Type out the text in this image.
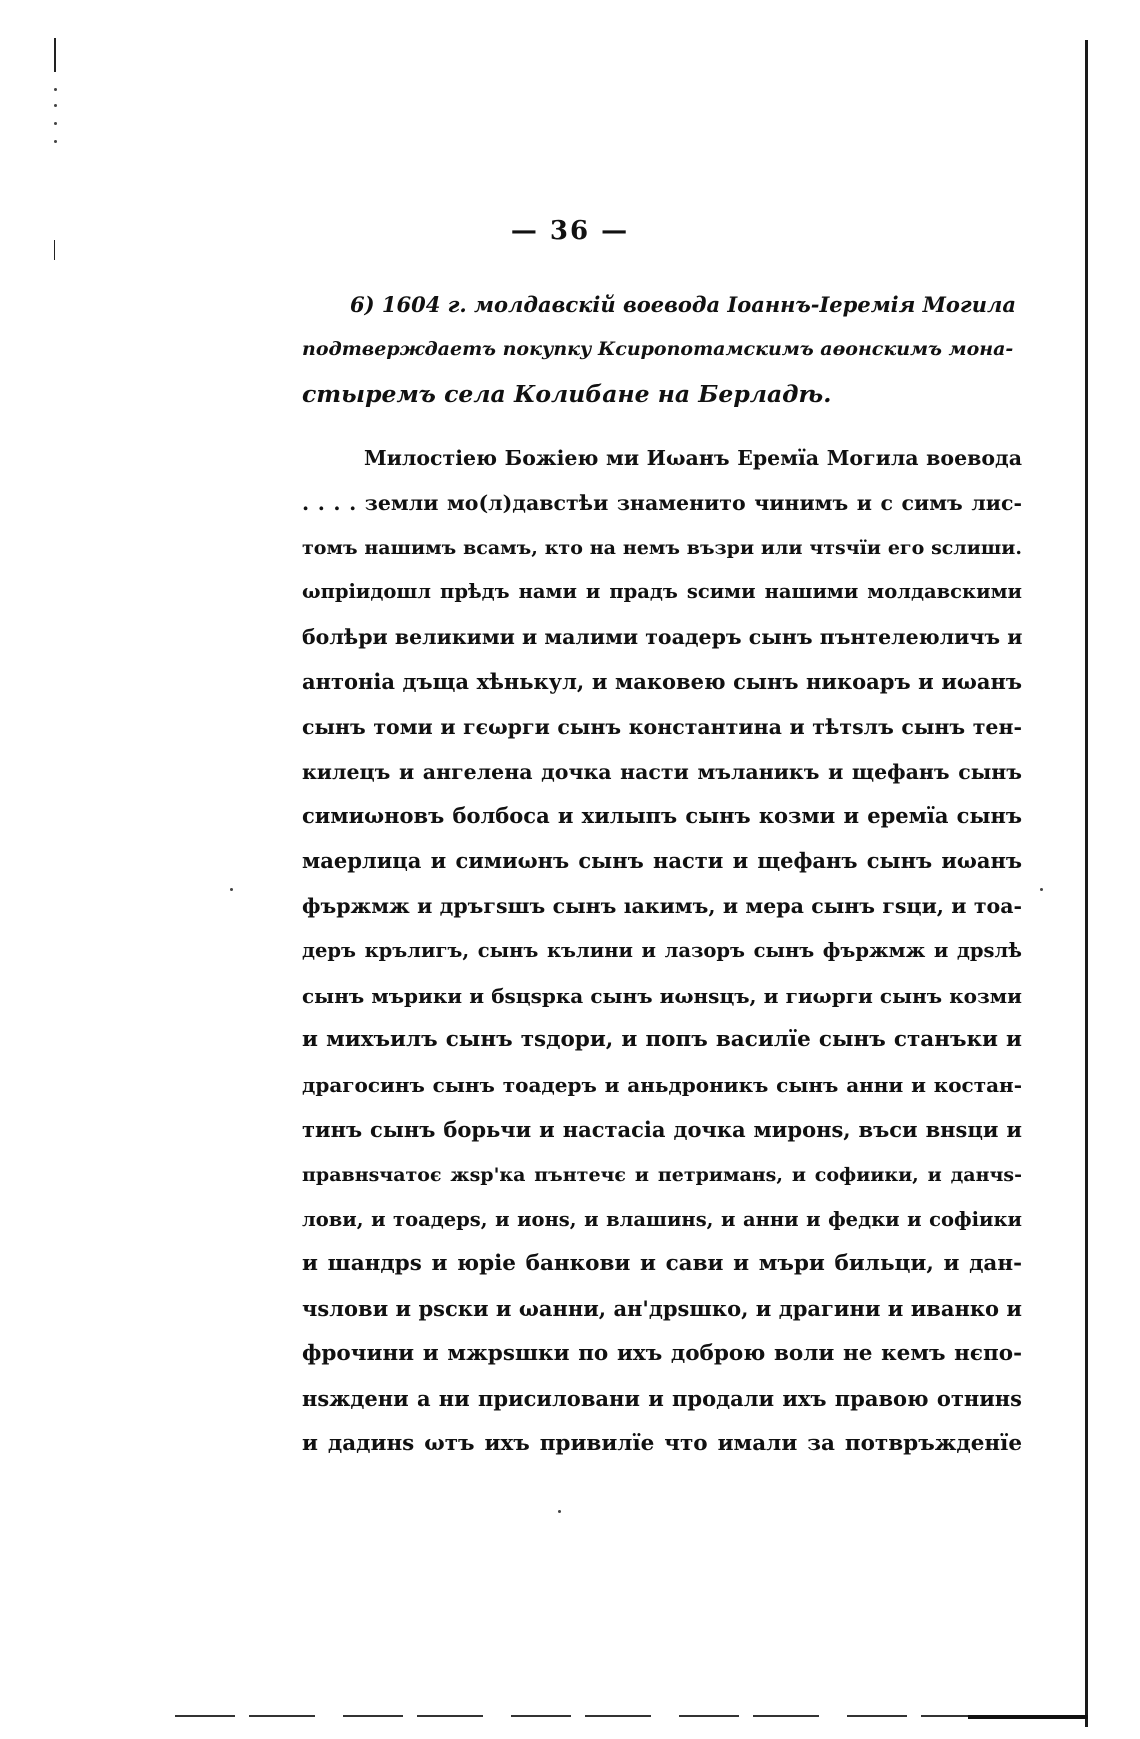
— 36 —
6) 1604 г. молдавскій воевода Іоаннъ-Іеремія Могила
подтверждаетъ покупку Ксиропотамскимъ аөонскимъ мона-
стыремъ села Колибане на Берладѣ.
Милостіею Божіею ми Иωанъ Еремїа Могила воевода
. . . . земли мо(л)давстѣи знаменито чинимъ и с симъ лис-
томъ нашимъ всамъ, кто на немъ възри или чтѕчїи его ѕслиши.
ωпріидошл прѣдъ нами и прадъ ѕсими нашими молдавскими
болѣри великими и малими тоадеръ сынъ пънтелеюличъ и
антоніа дъща хѣнькул, и маковею сынъ никоаръ и иωанъ
сынъ томи и гєωрги сынъ константина и тѣтѕлъ сынъ тен-
килецъ и ангелена дочка насти мъланикъ и щефанъ сынъ
симиωновъ болбоса и хилыпъ сынъ козми и еремїа сынъ
маерлица и симиωнъ сынъ насти и щефанъ сынъ иωанъ
фържмж и дръгѕшъ сынъ ıакимъ, и мера сынъ гѕци, и тоа-
деръ крълигъ, сынъ кълини и лазоръ сынъ фържмж и дрѕлѣ
сынъ мърики и бѕцѕрка сынъ иωнѕцъ, и гиωрги сынъ козми
и михъилъ сынъ тѕдори, и попъ василїе сынъ станъки и
драгосинъ сынъ тоадеръ и аньдроникъ сынъ анни и костан-
тинъ сынъ борьчи и настасіа дочка миронѕ, въси внѕци и
правнѕчатоє жѕр'ка пънтечє и петриманѕ, и софиики, и данчѕ-
лови, и тоадерѕ, и ионѕ, и влашинѕ, и анни и федки и софіики
и шандрѕ и юріе банкови и сави и мъри бильци, и дан-
чѕлови и рѕски и ωанни, ан'дрѕшко, и драгини и иванко и
фрочини и мжрѕшки по ихъ доброю воли не кемъ нєпо-
нѕждени а ни присиловани и продали ихъ правою отнинѕ
и дадинѕ ωтъ ихъ привилїе что имали за потвръжденїе
